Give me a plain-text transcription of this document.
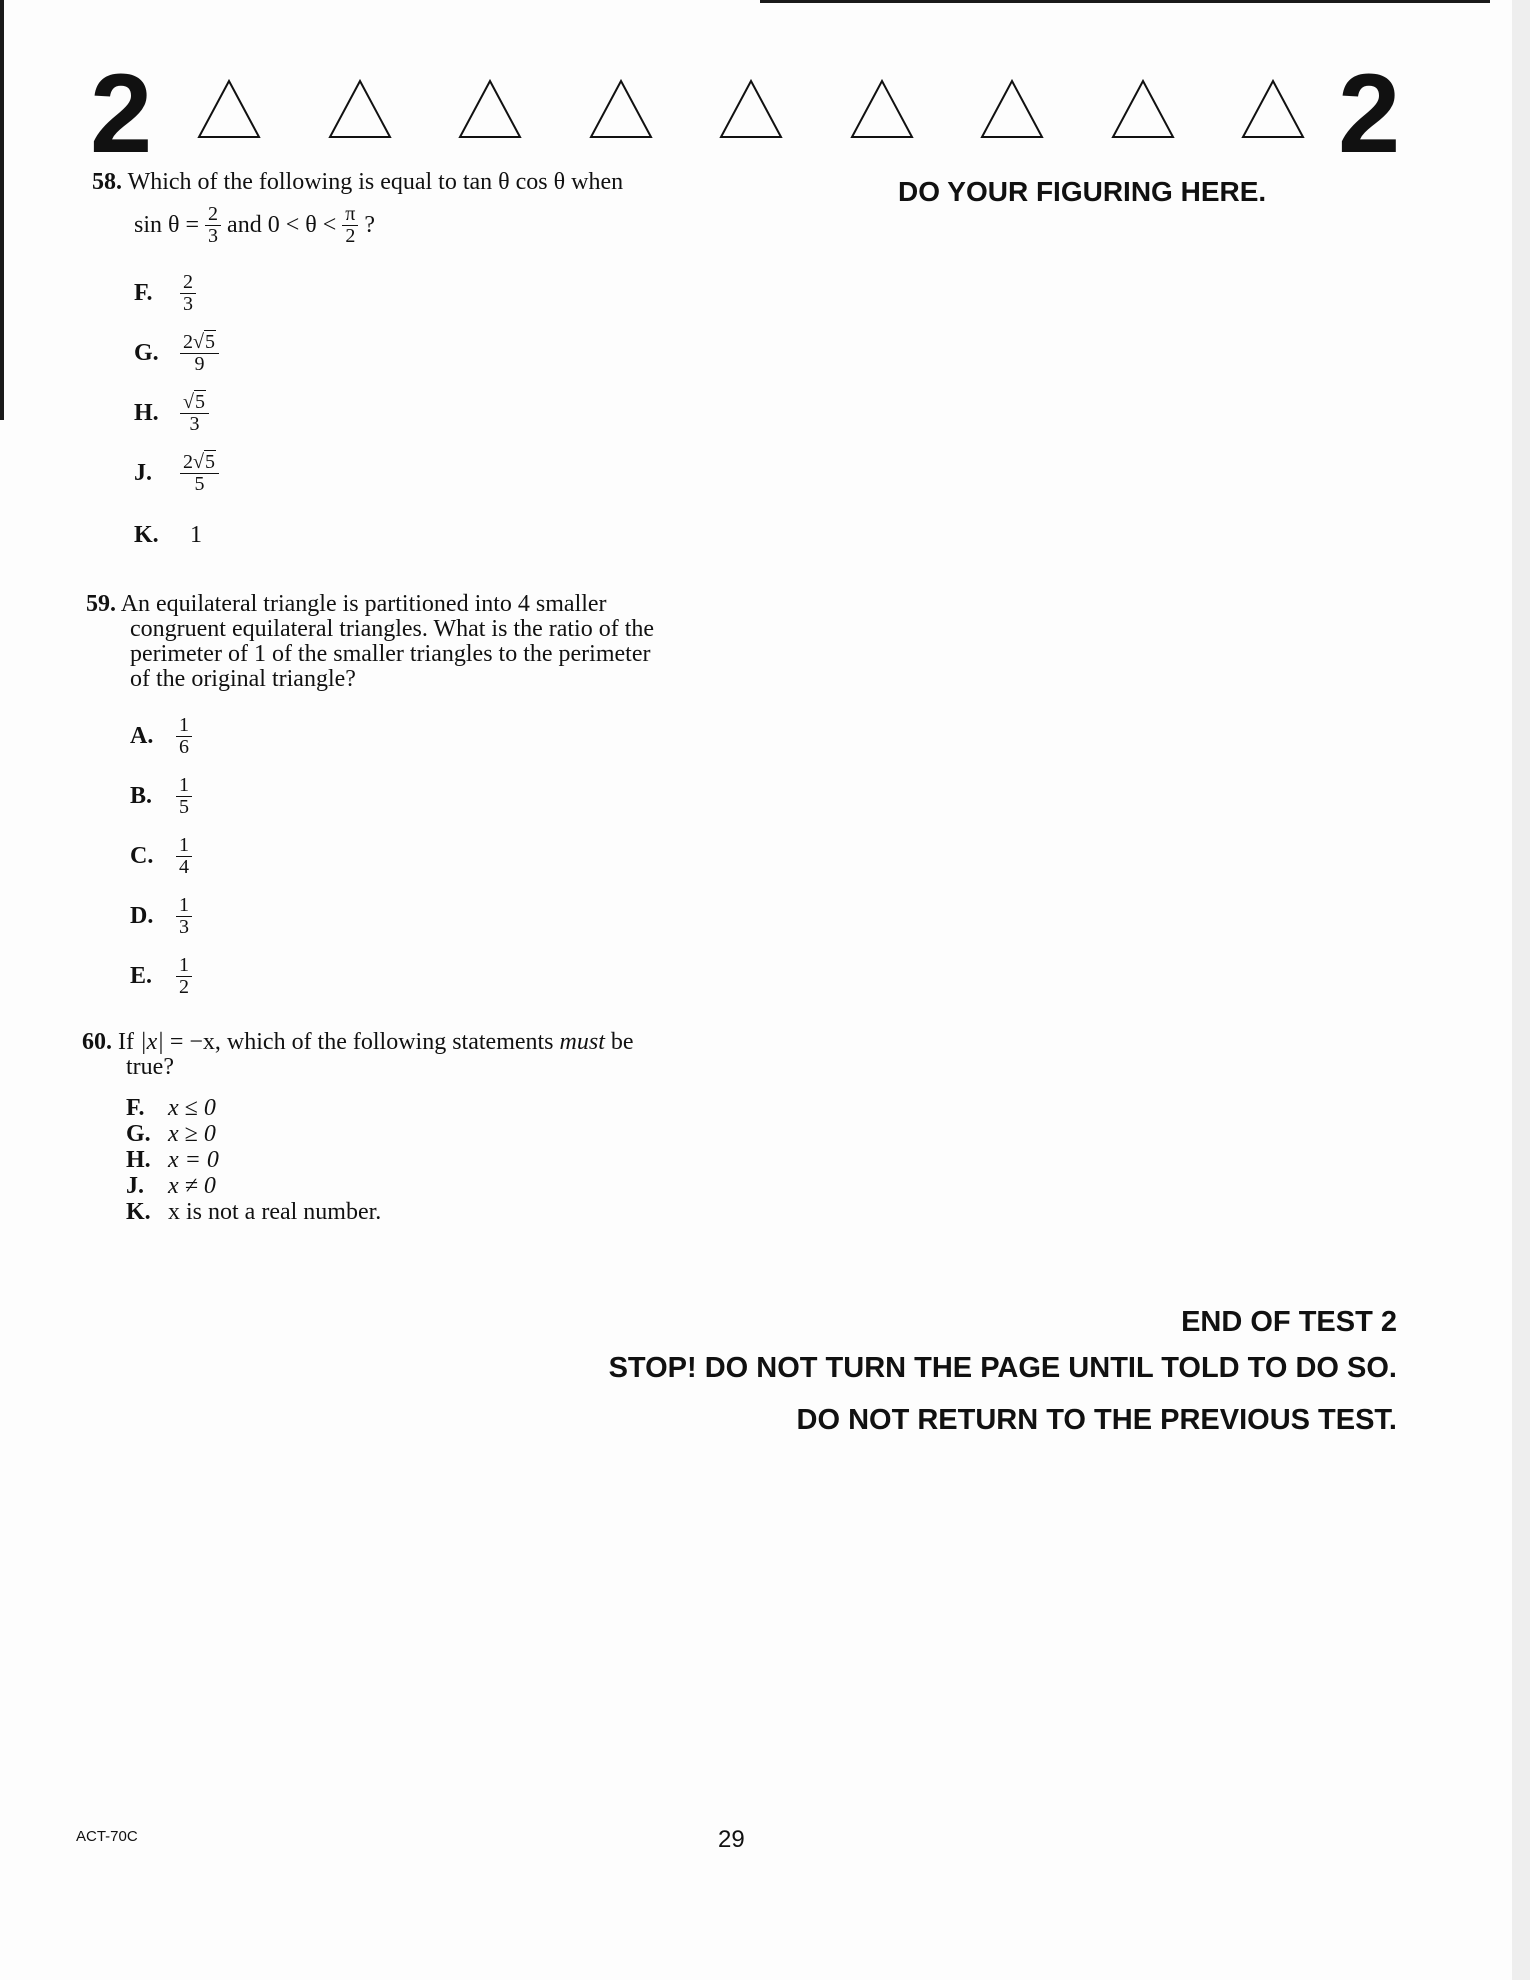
2	2
DO YOUR FIGURING HERE.
58. Which of the following is equal to tan θ cos θ when
$\sin \theta = \frac{2}{3}$ and $0 < \theta < \frac{\pi}{2}$ ?
F.	$\frac{2}{3}$
G.	$\frac{2√5}{9}$
H.	$\frac{√5}{3}$
J.	$\frac{2√5}{5}$
K.	1
59. An equilateral triangle is partitioned into 4 smaller
congruent equilateral triangles. What is the ratio of the
perimeter of 1 of the smaller triangles to the perimeter
of the original triangle?
A.	$\frac{1}{6}$
B.	$\frac{1}{5}$
C.	$\frac{1}{4}$
D.	$\frac{1}{3}$
E.	$\frac{1}{2}$
60. If |x| = −x, which of the following statements must be
true?
F. x ≤ 0
G. x ≥ 0
H. x = 0
J. x ≠ 0
K. x is not a real number.
END OF TEST 2
STOP! DO NOT TURN THE PAGE UNTIL TOLD TO DO SO.
DO NOT RETURN TO THE PREVIOUS TEST.
ACT-70C	29
